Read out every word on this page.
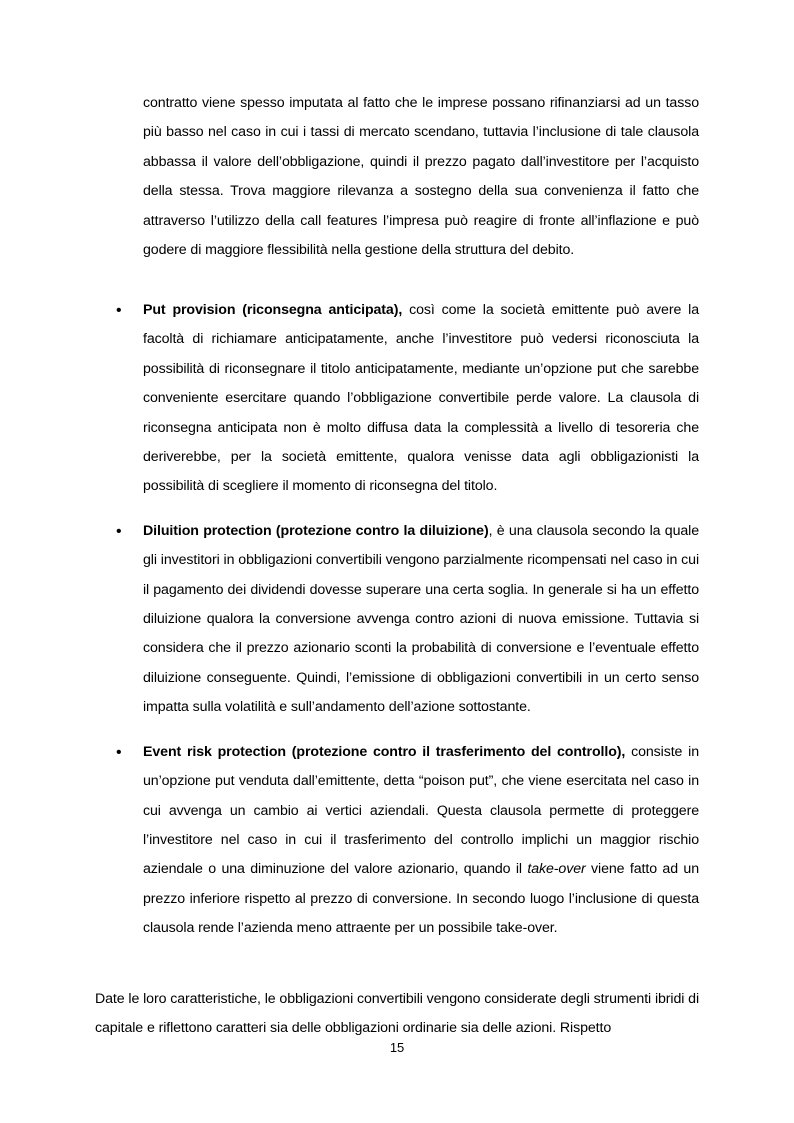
contratto viene spesso imputata al fatto che le imprese possano rifinanziarsi ad un tasso più basso nel caso in cui i tassi di mercato scendano, tuttavia l’inclusione di tale clausola abbassa il valore dell’obbligazione, quindi il prezzo pagato dall’investitore per l’acquisto della stessa. Trova maggiore rilevanza a sostegno della sua convenienza il fatto che attraverso l’utilizzo della call features l’impresa può reagire di fronte all’inflazione e può godere di maggiore flessibilità nella gestione della struttura del debito.

• Put provision (riconsegna anticipata), così come la società emittente può avere la facoltà di richiamare anticipatamente, anche l’investitore può vedersi riconosciuta la possibilità di riconsegnare il titolo anticipatamente, mediante un’opzione put che sarebbe conveniente esercitare quando l’obbligazione convertibile perde valore. La clausola di riconsegna anticipata non è molto diffusa data la complessità a livello di tesoreria che deriverebbe, per la società emittente, qualora venisse data agli obbligazionisti la possibilità di scegliere il momento di riconsegna del titolo.
• Diluition protection (protezione contro la diluizione), è una clausola secondo la quale gli investitori in obbligazioni convertibili vengono parzialmente ricompensati nel caso in cui il pagamento dei dividendi dovesse superare una certa soglia. In generale si ha un effetto diluizione qualora la conversione avvenga contro azioni di nuova emissione. Tuttavia si considera che il prezzo azionario sconti la probabilità di conversione e l’eventuale effetto diluizione conseguente. Quindi, l’emissione di obbligazioni convertibili in un certo senso impatta sulla volatilità e sull’andamento dell’azione sottostante.
• Event risk protection (protezione contro il trasferimento del controllo), consiste in un’opzione put venduta dall’emittente, detta “poison put”, che viene esercitata nel caso in cui avvenga un cambio ai vertici aziendali. Questa clausola permette di proteggere l’investitore nel caso in cui il trasferimento del controllo implichi un maggior rischio aziendale o una diminuzione del valore azionario, quando il take-over viene fatto ad un prezzo inferiore rispetto al prezzo di conversione. In secondo luogo l’inclusione di questa clausola rende l’azienda meno attraente per un possibile take-over.

Date le loro caratteristiche, le obbligazioni convertibili vengono considerate degli strumenti ibridi di capitale e riflettono caratteri sia delle obbligazioni ordinarie sia delle azioni. Rispetto

15
